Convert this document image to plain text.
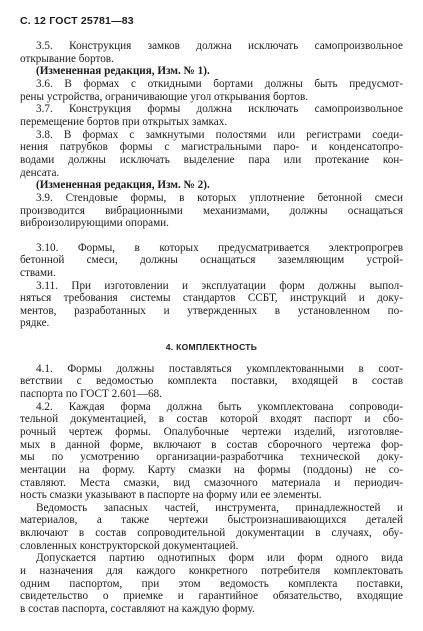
С. 12 ГОСТ 25781—83
3.5. Конструкция замков должна исключать самопроизвольное
открывание бортов.
(Измененная редакция, Изм. № 1).
3.6. В формах с откидными бортами должны быть предусмот-
рены устройства, ограничивающие угол открывания бортов.
3.7. Конструкция формы должна исключать самопроизвольное
перемещение бортов при открытых замках.
3.8. В формах с замкнутыми полостями или регистрами соеди-
нения патрубков формы с магистральными паро- и конденсатопро-
водами должны исключать выделение пара или протекание кон-
денсата.
(Измененная редакция, Изм. № 2).
3.9. Стендовые формы, в которых уплотнение бетонной смеси
производится вибрационными механизмами, должны оснащаться
виброизолирующими опорами.
3.10. Формы, в которых предусматривается электропрогрев
бетонной смеси, должны оснащаться заземляющим устрой-
ствами.
3.11. При изготовлении и эксплуатации форм должны выпол-
няться требования системы стандартов ССБТ, инструкций и доку-
ментов, разработанных и утвержденных в установленном по-
рядке.
4. КОМПЛЕКТНОСТЬ
4.1. Формы должны поставляться укомплектованными в соот-
ветствии с ведомостью комплекта поставки, входящей в состав
паспорта по ГОСТ 2.601—68.
4.2. Каждая форма должна быть укомплектована сопроводи-
тельной документацией, в состав которой входят паспорт и сбо-
рочный чертеж формы. Опалубочные чертежи изделий, изготовляе-
мых в данной форме, включают в состав сборочного чертежа фор-
мы по усмотрению организации-разработчика технической доку-
ментации на форму. Карту смазки на формы (поддоны) не со-
ставляют. Места смазки, вид смазочного материала и периодич-
ность смазки указывают в паспорте на форму или ее элементы.
Ведомость запасных частей, инструмента, принадлежностей и
материалов, а также чертежи быстроизнашивающихся деталей
включают в состав сопроводительной документации в случаях, обу-
словленных конструкторской документацией.
Допускается партию однотипных форм или форм одного вида
и назначения для каждого конкретного потребителя комплектовать
одним паспортом, при этом ведомость комплекта поставки,
свидетельство о приемке и гарантийное обязательство, входящие
в состав паспорта, составляют на каждую форму.
